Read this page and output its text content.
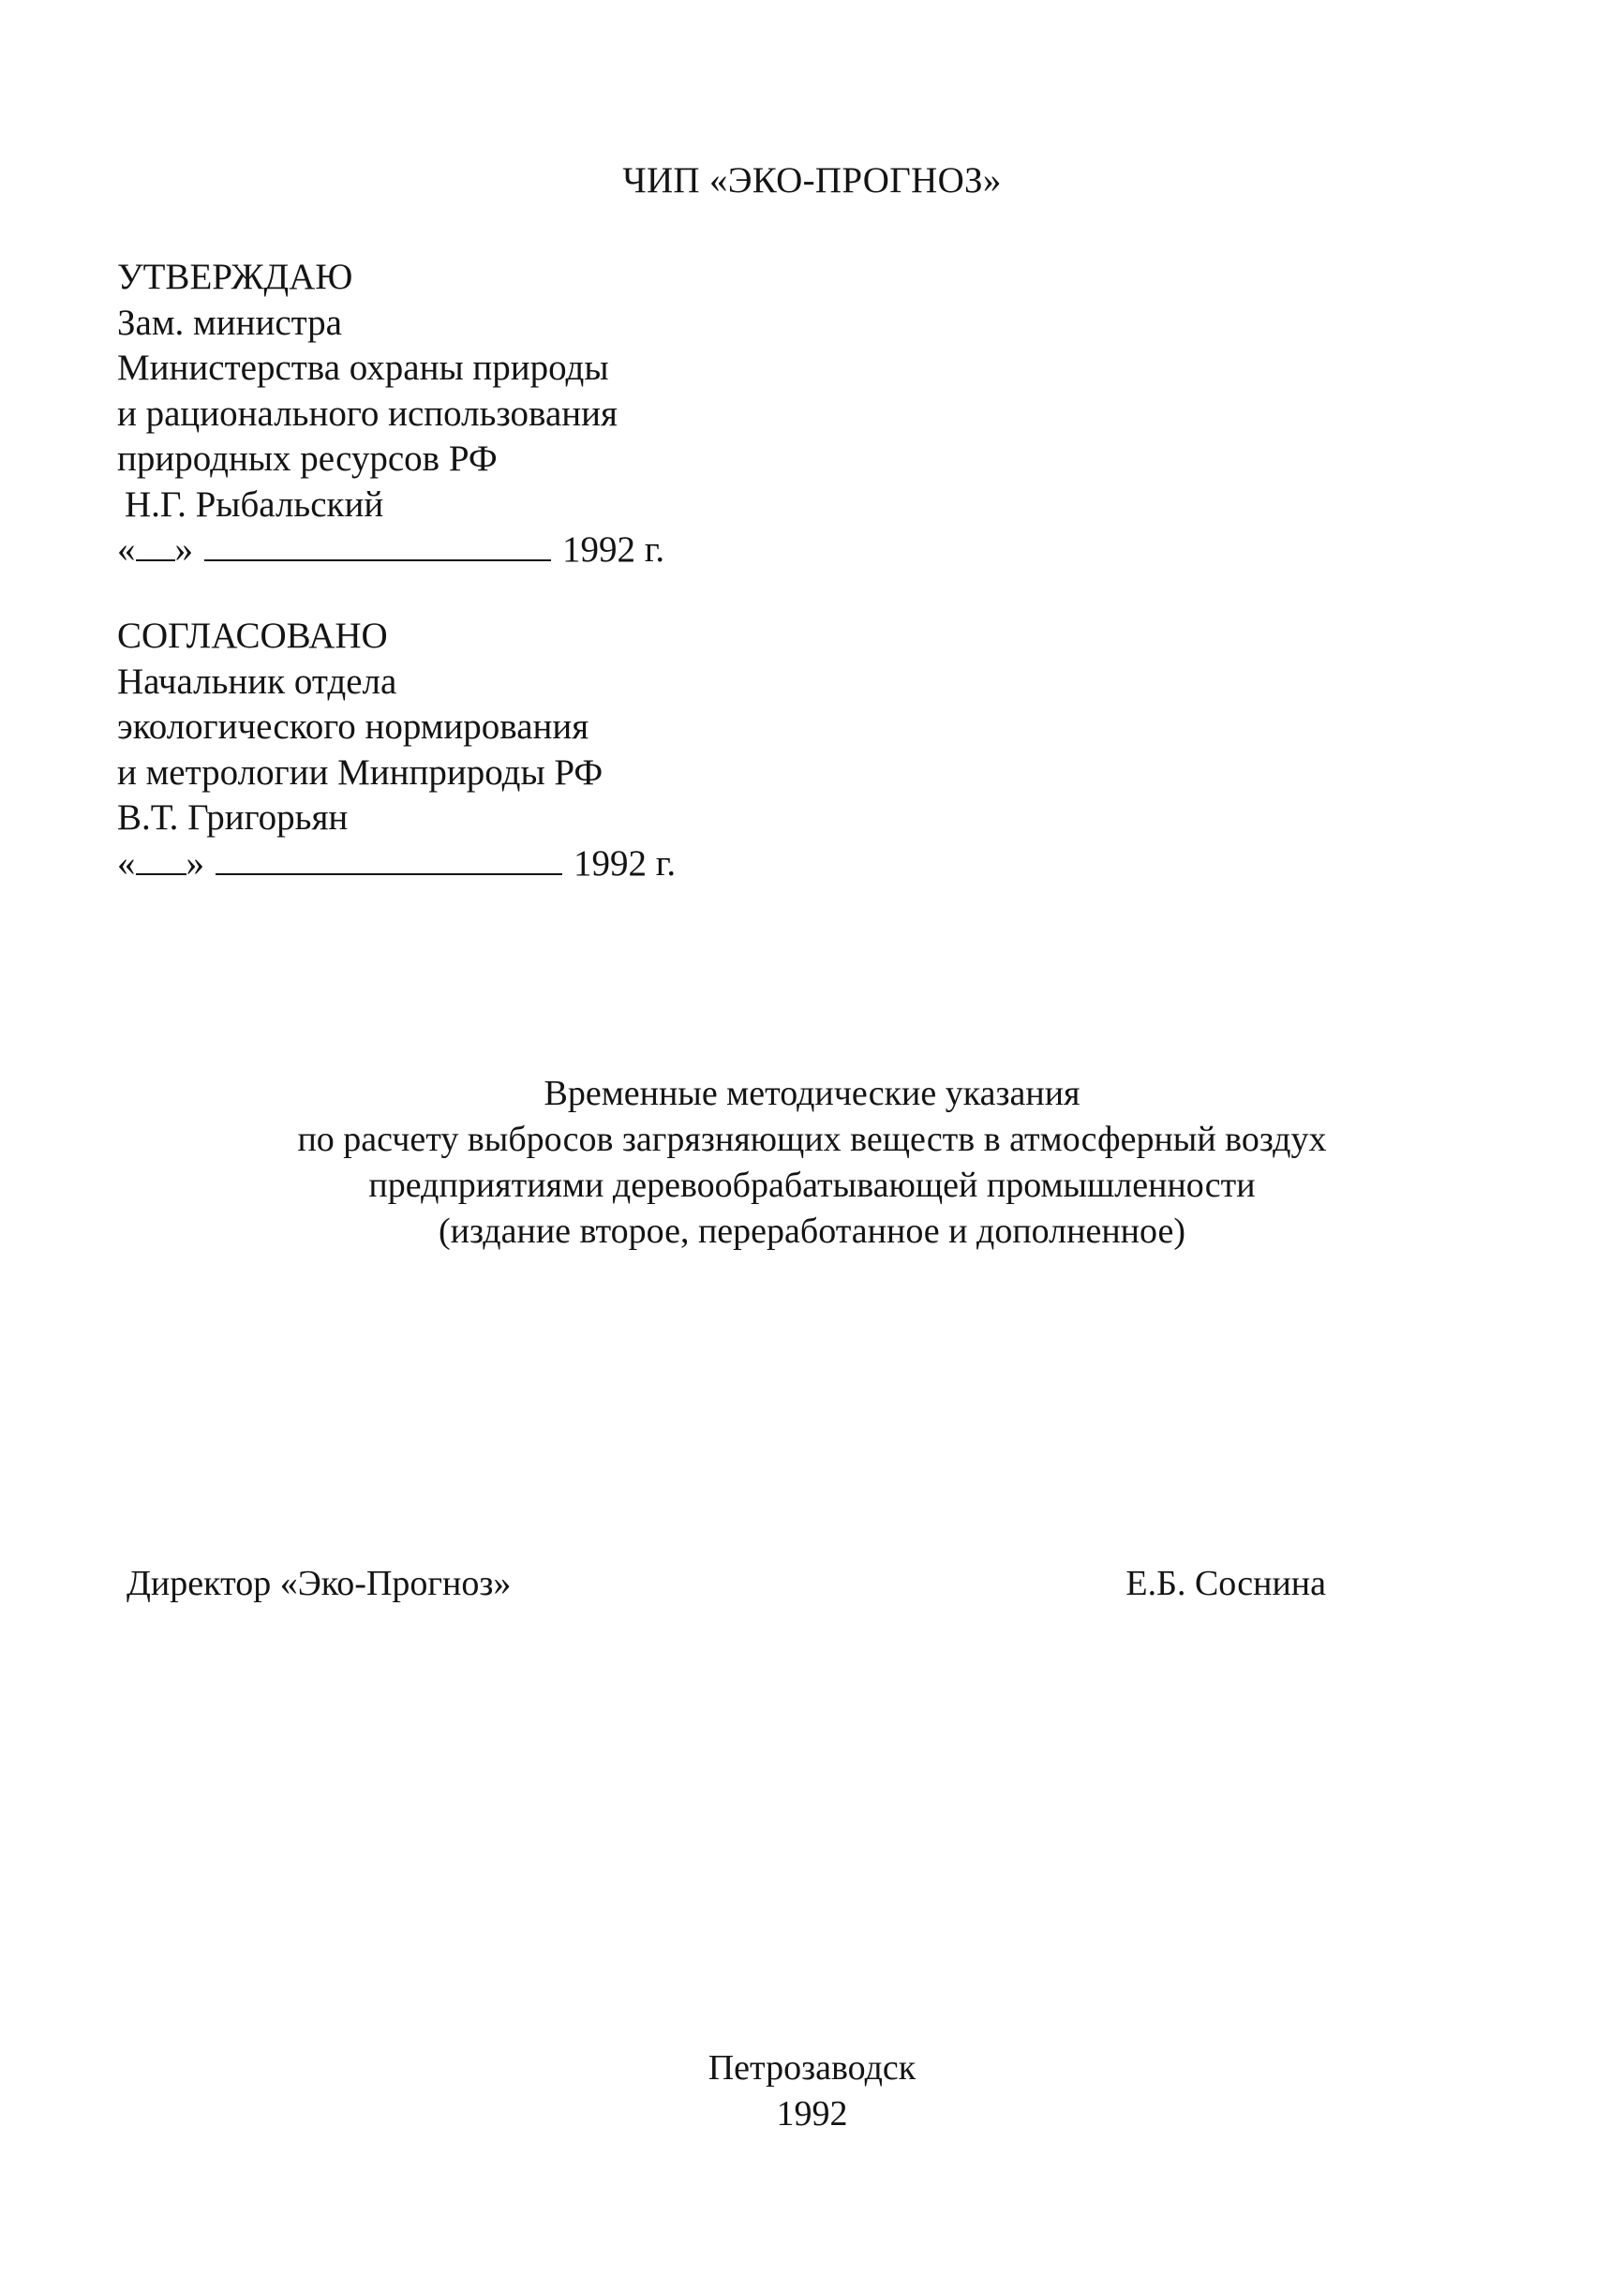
ЧИП «ЭКО-ПРОГНОЗ»
УТВЕРЖДАЮ
Зам. министра
Министерства охраны природы
и рационального использования
природных ресурсов РФ
Н.Г. Рыбальский
« »	1992 г.
СОГЛАСОВАНО
Начальник отдела
экологического нормирования
и метрологии Минприроды РФ
В.Т. Григорьян
« »	1992 г.
Временные методические указания
по расчету выбросов загрязняющих веществ в атмосферный воздух
предприятиями деревообрабатывающей промышленности
(издание второе, переработанное и дополненное)
Директор «Эко-Прогноз»	Е.Б. Соснина
Петрозаводск
1992
